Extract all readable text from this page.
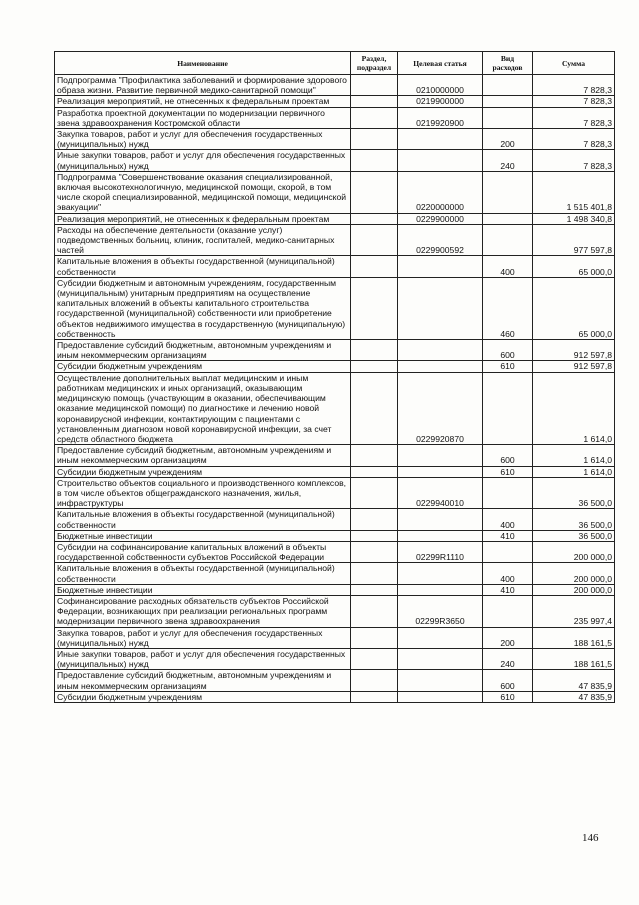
Наименование	Раздел, подраздел	Целевая статья	Вид расходов	Сумма
Подпрограмма "Профилактика заболеваний и формирование здорового образа жизни. Развитие первичной медико-санитарной помощи"		0210000000		7 828,3
Реализация мероприятий, не отнесенных к федеральным проектам		0219900000		7 828,3
Разработка проектной документации по модернизации первичного звена здравоохранения Костромской области		0219920900		7 828,3
Закупка товаров, работ и услуг для обеспечения государственных (муниципальных) нужд			200	7 828,3
Иные закупки товаров, работ и услуг для обеспечения государственных (муниципальных) нужд			240	7 828,3
Подпрограмма "Совершенствование оказания специализированной, включая высокотехнологичную, медицинской помощи, скорой, в том числе скорой специализированной, медицинской помощи, медицинской эвакуации"		0220000000		1 515 401,8
Реализация мероприятий, не отнесенных к федеральным проектам		0229900000		1 498 340,8
Расходы на обеспечение деятельности (оказание услуг) подведомственных больниц, клиник, госпиталей, медико-санитарных частей		0229900592		977 597,8
Капитальные вложения в объекты государственной (муниципальной) собственности			400	65 000,0
Субсидии бюджетным и автономным учреждениям, государственным (муниципальным) унитарным предприятиям на осуществление капитальных вложений в объекты капитального строительства государственной (муниципальной) собственности или приобретение объектов недвижимого имущества в государственную (муниципальную) собственность			460	65 000,0
Предоставление субсидий бюджетным, автономным учреждениям и иным некоммерческим организациям			600	912 597,8
Субсидии бюджетным учреждениям			610	912 597,8
Осуществление дополнительных выплат медицинским и иным работникам медицинских и иных организаций, оказывающим медицинскую помощь (участвующим в оказании, обеспечивающим оказание медицинской помощи) по диагностике и лечению новой коронавирусной инфекции, контактирующим с пациентами с установленным диагнозом новой коронавирусной инфекции, за счет средств областного бюджета		0229920870		1 614,0
Предоставление субсидий бюджетным, автономным учреждениям и иным некоммерческим организациям			600	1 614,0
Субсидии бюджетным учреждениям			610	1 614,0
Строительство объектов социального и производственного комплексов, в том числе объектов общегражданского назначения, жилья, инфраструктуры		0229940010		36 500,0
Капитальные вложения в объекты государственной (муниципальной) собственности			400	36 500,0
Бюджетные инвестиции			410	36 500,0
Субсидии на софинансирование капитальных вложений в объекты государственной собственности субъектов Российской Федерации		02299R1110		200 000,0
Капитальные вложения в объекты государственной (муниципальной) собственности			400	200 000,0
Бюджетные инвестиции			410	200 000,0
Софинансирование расходных обязательств субъектов Российской Федерации, возникающих при реализации региональных программ модернизации первичного звена здравоохранения		02299R3650		235 997,4
Закупка товаров, работ и услуг для обеспечения государственных (муниципальных) нужд			200	188 161,5
Иные закупки товаров, работ и услуг для обеспечения государственных (муниципальных) нужд			240	188 161,5
Предоставление субсидий бюджетным, автономным учреждениям и иным некоммерческим организациям			600	47 835,9
Субсидии бюджетным учреждениям			610	47 835,9
146
